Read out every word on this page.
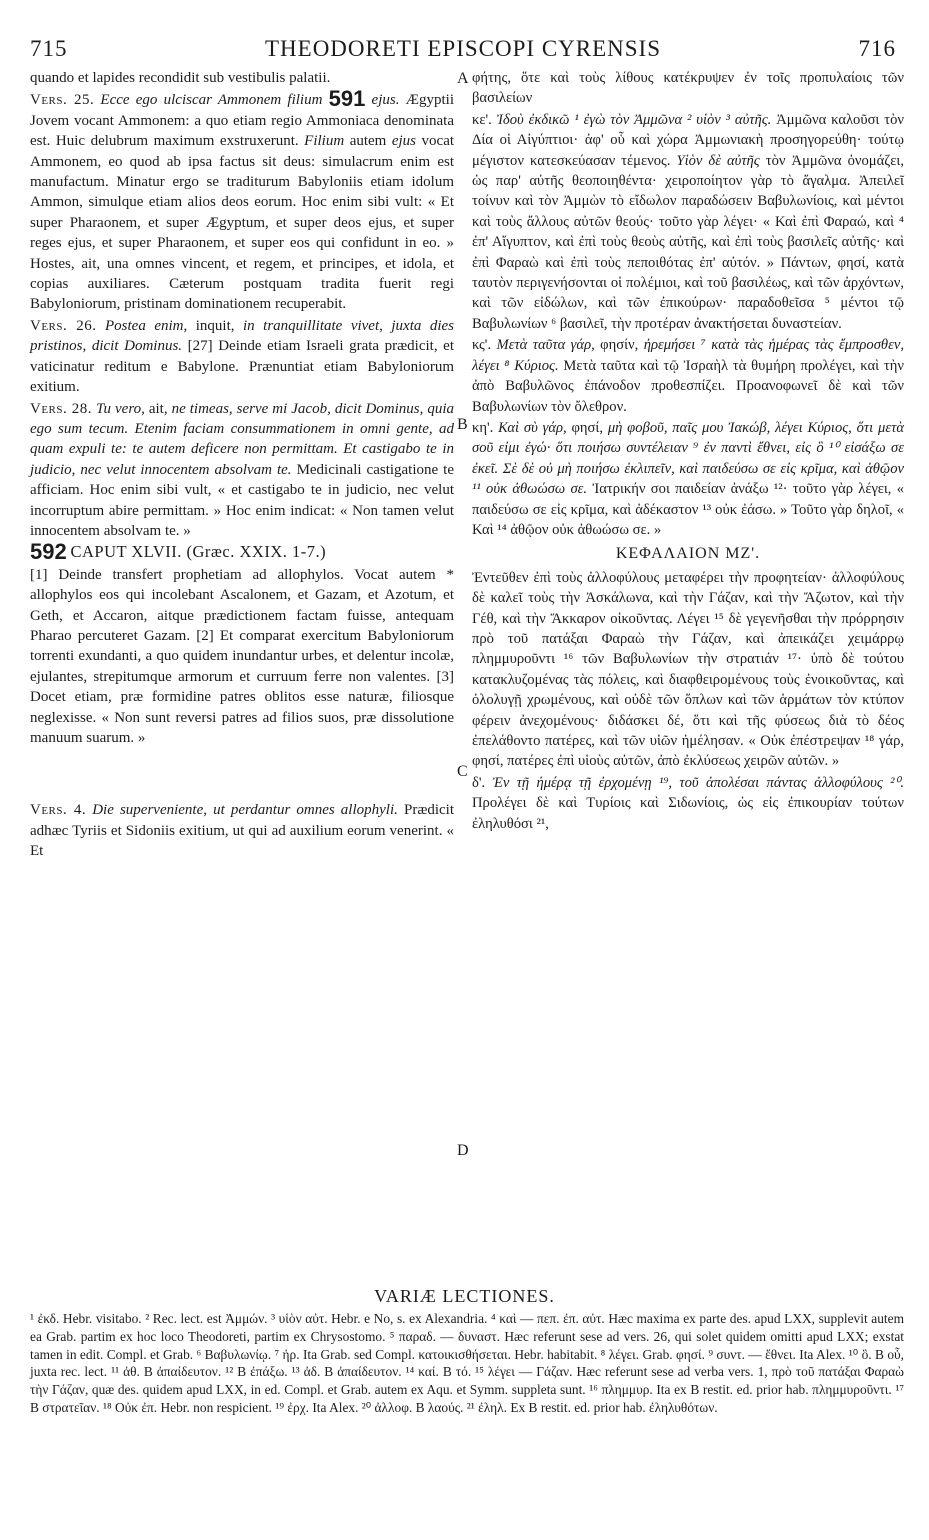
715	THEODORETI EPISCOPI CYRENSIS	716
A
B
C
D

quando et lapides recondidit sub vestibulis palatii.

Vers. 25. Ecce ego ulciscar Ammonem filium 591 ejus. Ægyptii Jovem vocant Ammonem: a quo etiam regio Ammoniaca denominata est. Huic delubrum maximum exstruxerunt. Filium autem ejus vocat Ammonem, eo quod ab ipsa factus sit deus: simulacrum enim est manufactum. Minatur ergo se traditurum Babyloniis etiam idolum Ammon, simulque etiam alios deos eorum. Hoc enim sibi vult: « Et super Pharaonem, et super Ægyptum, et super deos ejus, et super reges ejus, et super Pharaonem, et super eos qui confidunt in eo. » Hostes, ait, una omnes vincent, et regem, et principes, et idola, et copias auxiliares. Cæterum postquam tradita fuerit regi Babyloniorum, pristinam dominationem recuperabit.

Vers. 26. Postea enim, inquit, in tranquillitate vivet, juxta dies pristinos, dicit Dominus. [27] Deinde etiam Israeli grata prædicit, et vaticinatur reditum e Babylone. Prænuntiat etiam Babyloniorum exitium.

Vers. 28. Tu vero, ait, ne timeas, serve mi Jacob, dicit Dominus, quia ego sum tecum. Etenim faciam consummationem in omni gente, ad quam expuli te: te autem deficere non permittam. Et castigabo te in judicio, nec velut innocentem absolvam te. Medicinali castigatione te afficiam. Hoc enim sibi vult, « et castigabo te in judicio, nec velut incorruptum abire permittam. » Hoc enim indicat: « Non tamen velut innocentem absolvam te. »

592 CAPUT XLVII. (Græc. XXIX. 1-7.)

[1] Deinde transfert prophetiam ad allophylos. Vocat autem * allophylos eos qui incolebant Ascalonem, et Gazam, et Azotum, et Geth, et Accaron, aitque prædictionem factam fuisse, antequam Pharao percuteret Gazam. [2] Et comparat exercitum Babyloniorum torrenti exundanti, a quo quidem inundantur urbes, et delentur incolæ, ejulantes, strepitumque armorum et curruum ferre non valentes. [3] Docet etiam, præ formidine patres oblitos esse naturæ, filiosque neglexisse. « Non sunt reversi patres ad filios suos, præ dissolutione manuum suarum. »

Vers. 4. Die superveniente, ut perdantur omnes allophyli. Prædicit adhæc Tyriis et Sidoniis exitium, ut qui ad auxilium eorum venerint. « Et

φήτης, ὅτε καὶ τοὺς λίθους κατέκρυψεν ἐν τοῖς προπυλαίοις τῶν βασιλείων

κε'. Ἰδοὺ ἐκδικῶ ¹ ἐγὼ τὸν Ἀμμῶνα ² υἱὸν ³ αὐτῆς. Ἀμμῶνα καλοῦσι τὸν Δία οἱ Αἰγύπτιοι· ἀφ' οὗ καὶ χώρα Ἀμμωνιακὴ προσηγορεύθη· τούτῳ μέγιστον κατεσκεύασαν τέμενος. Υἱὸν δὲ αὐτῆς τὸν Ἀμμῶνα ὀνομάζει, ὡς παρ' αὐτῆς θεοποιηθέντα· χειροποίητον γὰρ τὸ ἄγαλμα. Ἀπειλεῖ τοίνυν καὶ τὸν Ἀμμὼν τὸ εἴδωλον παραδώσειν Βαβυλωνίοις, καὶ μέντοι καὶ τοὺς ἄλλους αὐτῶν θεούς· τοῦτο γὰρ λέγει· « Καὶ ἐπὶ Φαραώ, καὶ ⁴ ἐπ' Αἴγυπτον, καὶ ἐπὶ τοὺς θεοὺς αὐτῆς, καὶ ἐπὶ τοὺς βασιλεῖς αὐτῆς· καὶ ἐπὶ Φαραὼ καὶ ἐπὶ τοὺς πεποιθότας ἐπ' αὐτόν. » Πάντων, φησί, κατὰ ταυτὸν περιγενήσονται οἱ πολέμιοι, καὶ τοῦ βασιλέως, καὶ τῶν ἀρχόντων, καὶ τῶν εἰδώλων, καὶ τῶν ἐπικούρων· παραδοθεῖσα ⁵ μέντοι τῷ Βαβυλωνίων ⁶ βασιλεῖ, τὴν προτέραν ἀνακτήσεται δυναστείαν.

κς'. Μετὰ ταῦτα γάρ, φησίν, ἠρεμήσει ⁷ κατὰ τὰς ἡμέρας τὰς ἔμπροσθεν, λέγει ⁸ Κύριος. Μετὰ ταῦτα καὶ τῷ Ἰσραὴλ τὰ θυμήρη προλέγει, καὶ τὴν ἀπὸ Βαβυλῶνος ἐπάνοδον προθεσπίζει. Προανοφωνεῖ δὲ καὶ τῶν Βαβυλωνίων τὸν ὄλεθρον.

κη'. Καὶ σὺ γάρ, φησί, μὴ φοβοῦ, παῖς μου Ἰακώβ, λέγει Κύριος, ὅτι μετὰ σοῦ εἰμι ἐγώ· ὅτι ποιήσω συντέλειαν ⁹ ἐν παντὶ ἔθνει, εἰς ὃ ¹⁰ εἰσάξω σε ἐκεῖ. Σὲ δὲ οὐ μὴ ποιήσω ἐκλιπεῖν, καὶ παιδεύσω σε εἰς κρῖμα, καὶ ἀθῷον ¹¹ οὐκ ἀθωώσω σε. Ἰατρικήν σοι παιδείαν ἀνάξω ¹²· τοῦτο γὰρ λέγει, « παιδεύσω σε εἰς κρῖμα, καὶ ἀδέκαστον ¹³ οὐκ ἐάσω. » Τοῦτο γὰρ δηλοῖ, « Καὶ ¹⁴ ἀθῷον οὐκ ἀθωώσω σε. »

ΚΕΦΑΛΑΙΟΝ ΜΖ'.

Ἐντεῦθεν ἐπὶ τοὺς ἀλλοφύλους μεταφέρει τὴν προφητείαν· ἀλλοφύλους δὲ καλεῖ τοὺς τὴν Ἀσκάλωνα, καὶ τὴν Γάζαν, καὶ τὴν Ἄζωτον, καὶ τὴν Γέθ, καὶ τὴν Ἄκκαρον οἰκοῦντας. Λέγει ¹⁵ δὲ γεγενῆσθαι τὴν πρόρρησιν πρὸ τοῦ πατάξαι Φαραὼ τὴν Γάζαν, καὶ ἀπεικάζει χειμάρρῳ πλημμυροῦντι ¹⁶ τῶν Βαβυλωνίων τὴν στρατιάν ¹⁷· ὑπὸ δὲ τούτου κατακλυζομένας τὰς πόλεις, καὶ διαφθειρομένους τοὺς ἐνοικοῦντας, καὶ ὀλολυγῇ χρωμένους, καὶ οὐδὲ τῶν ὅπλων καὶ τῶν ἁρμάτων τὸν κτύπον φέρειν ἀνεχομένους· διδάσκει δέ, ὅτι καὶ τῆς φύσεως διὰ τὸ δέος ἐπελάθοντο πατέρες, καὶ τῶν υἱῶν ἠμέλησαν. « Οὐκ ἐπέστρεψαν ¹⁸ γάρ, φησί, πατέρες ἐπὶ υἱοὺς αὐτῶν, ἀπὸ ἐκλύσεως χειρῶν αὐτῶν. »

δ'. Ἐν τῇ ἡμέρᾳ τῇ ἐρχομένῃ ¹⁹, τοῦ ἀπολέσαι πάντας ἀλλοφύλους ²⁰. Προλέγει δὲ καὶ Τυρίοις καὶ Σιδωνίοις, ὡς εἰς ἐπικουρίαν τούτων ἐληλυθόσι ²¹,

VARIÆ LECTIONES.
¹ ἐκδ. Hebr. visitabo. ² Rec. lect. est Ἀμμών. ³ υἱὸν αὐτ. Hebr. e No, s. ex Alexandria. ⁴ καὶ — πεπ. ἐπ. αὐτ. Hæc maxima ex parte des. apud LXX, supplevit autem ea Grab. partim ex hoc loco Theodoreti, partim ex Chrysostomo. ⁵ παραδ. — δυναστ. Hæc referunt sese ad vers. 26, qui solet quidem omitti apud LXX; exstat tamen in edit. Compl. et Grab. ⁶ Βαβυλωνίῳ. ⁷ ἠρ. Ita Grab. sed Compl. κατοικισθήσεται. Hebr. habitabit. ⁸ λέγει. Grab. φησί. ⁹ συντ. — ἔθνει. Ita Alex. ¹⁰ ὃ. B οὗ, juxta rec. lect. ¹¹ ἀθ. B ἀπαίδευτον. ¹² B ἐπάξω. ¹³ ἀδ. B ἀπαίδευτον. ¹⁴ καί. B τό. ¹⁵ λέγει — Γάζαν. Hæc referunt sese ad verba vers. 1, πρὸ τοῦ πατάξαι Φαραὼ τὴν Γάζαν, quæ des. quidem apud LXX, in ed. Compl. et Grab. autem ex Aqu. et Symm. suppleta sunt. ¹⁶ πλημμυρ. Ita ex B restit. ed. prior hab. πλημμυροῦντι. ¹⁷ B στρατεῖαν. ¹⁸ Οὐκ ἐπ. Hebr. non respicient. ¹⁹ ἐρχ. Ita Alex. ²⁰ ἀλλοφ. B λαούς. ²¹ ἐληλ. Ex B restit. ed. prior hab. ἐληλυθότων.
